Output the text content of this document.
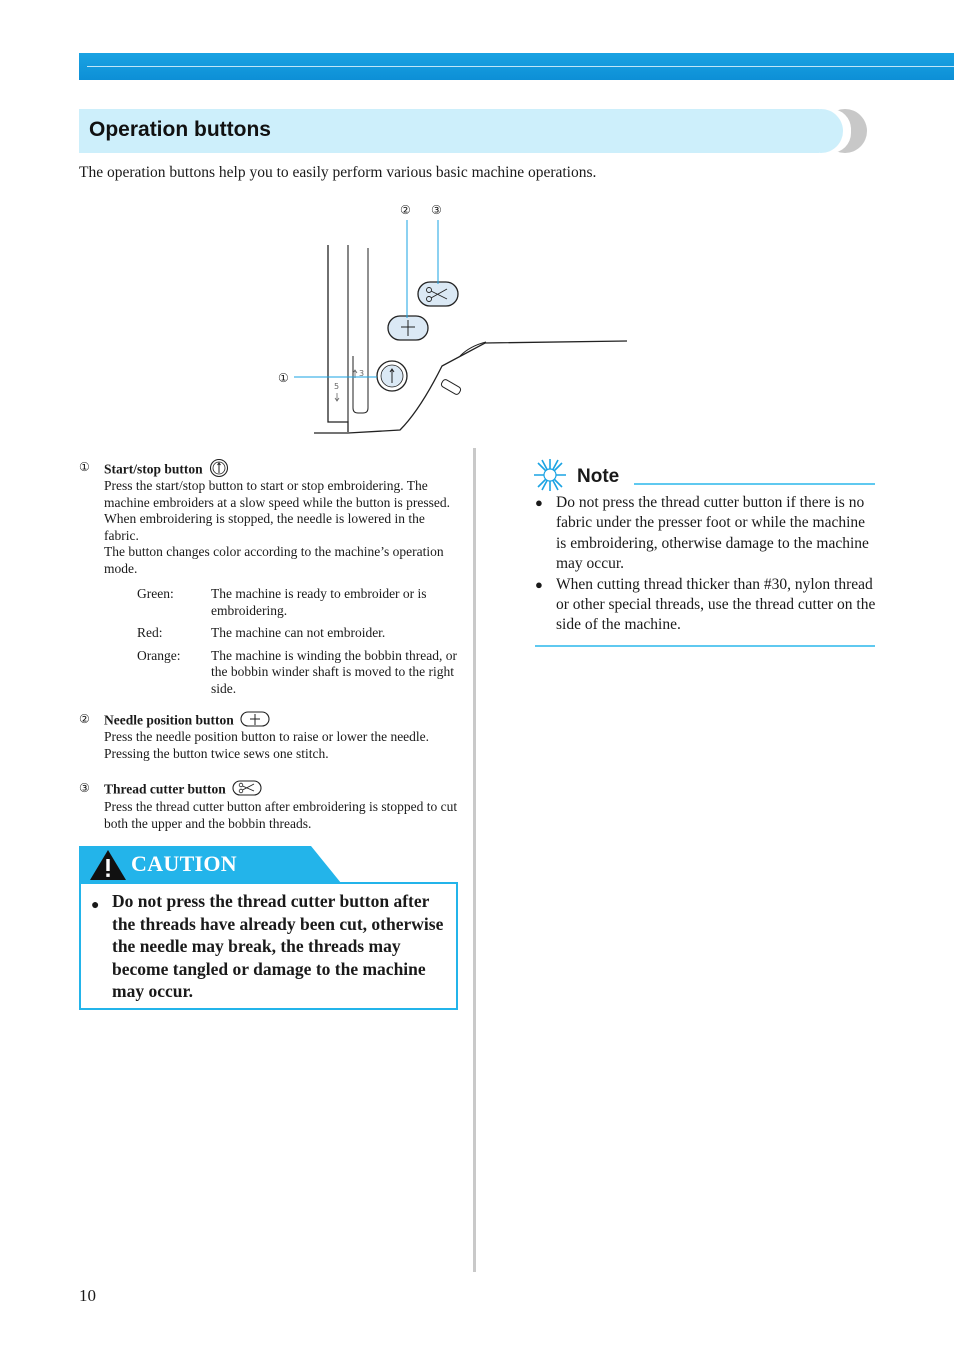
Operation buttons
The operation buttons help you to easily perform various basic machine operations.
5
3
② ③
①
① Start/stop button
Press the start/stop button to start or stop embroidering. The machine embroiders at a slow speed while the button is pressed. When embroidering is stopped, the needle is lowered in the fabric.
The button changes color according to the machine’s operation mode.
Green:	The machine is ready to embroider or is embroidering.
Red:	The machine can not embroider.
Orange: The machine is winding the bobbin thread, or the bobbin winder shaft is moved to the right side.
② Needle position button
Press the needle position button to raise or lower the needle. Pressing the button twice sews one stitch.
③ Thread cutter button
Press the thread cutter button after embroidering is stopped to cut both the upper and the bobbin threads.
CAUTION
● Do not press the thread cutter button after the threads have already been cut, otherwise the needle may break, the threads may become tangled or damage to the machine may occur.
Note
● Do not press the thread cutter button if there is no fabric under the presser foot or while the machine is embroidering, otherwise damage to the machine may occur.
● When cutting thread thicker than #30, nylon thread or other special threads, use the thread cutter on the side of the machine.
10
